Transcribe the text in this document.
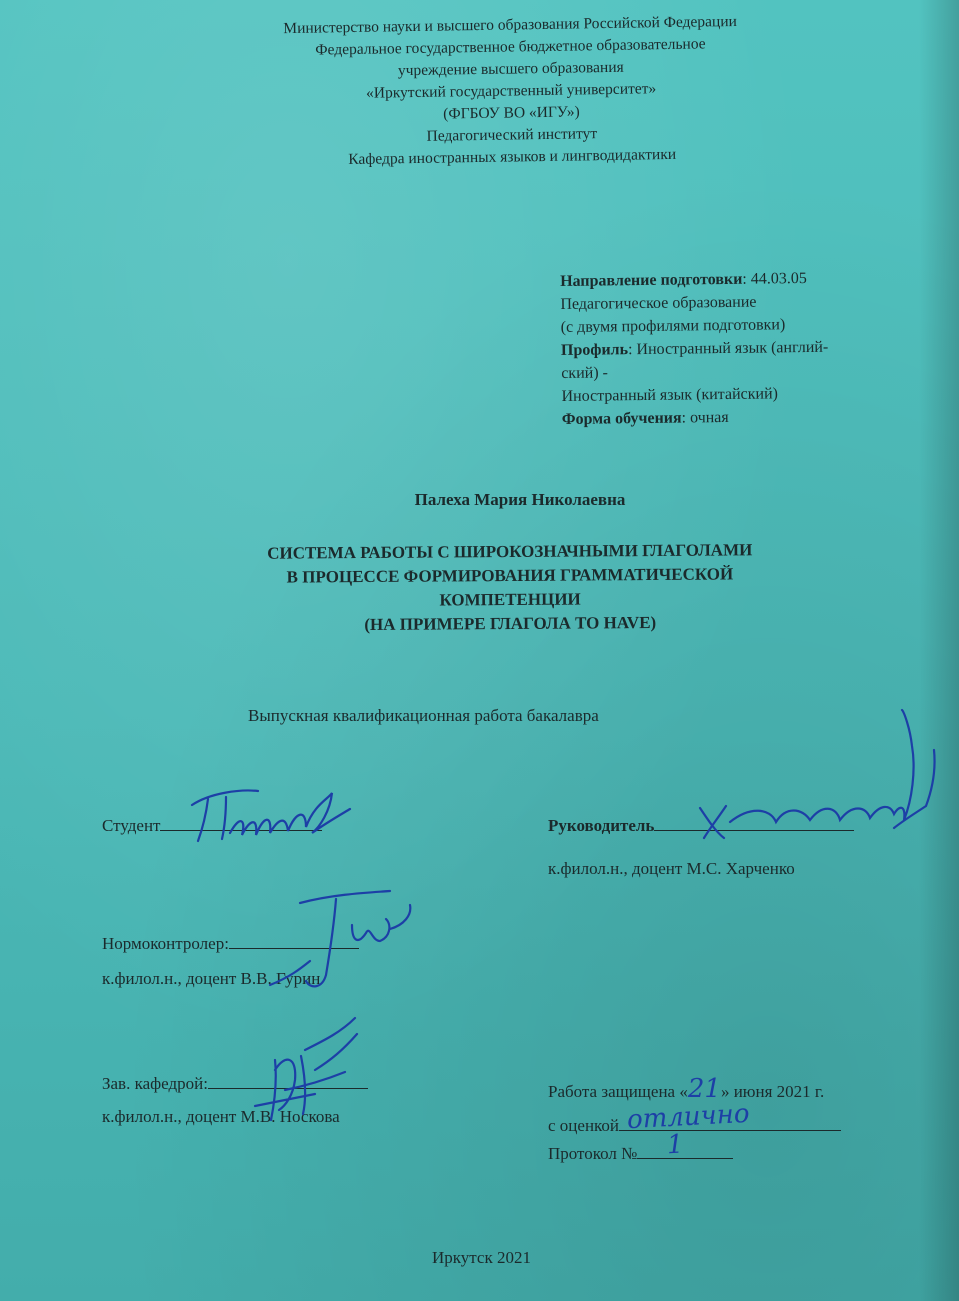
Министерство науки и высшего образования Российской Федерации
Федеральное государственное бюджетное образовательное
учреждение высшего образования
«Иркутский государственный университет»
(ФГБОУ ВО «ИГУ»)
Педагогический институт
Кафедра иностранных языков и лингводидактики
Направление подготовки: 44.03.05
Педагогическое образование
(с двумя профилями подготовки)
Профиль: Иностранный язык (англий-
ский) -
Иностранный язык (китайский)
Форма обучения: очная
Палеха Мария Николаевна
СИСТЕМА РАБОТЫ С ШИРОКОЗНАЧНЫМИ ГЛАГОЛАМИ
В ПРОЦЕССЕ ФОРМИРОВАНИЯ ГРАММАТИЧЕСКОЙ
КОМПЕТЕНЦИИ
(НА ПРИМЕРЕ ГЛАГОЛА TO HAVE)
Выпускная квалификационная работа бакалавра
Студент	Руководитель
к.филол.н., доцент М.С. Харченко
Нормоконтролер:
к.филол.н., доцент В.В. Гурин
Зав. кафедрой:
к.филол.н., доцент М.В. Носкова
Работа защищена «21» июня 2021 г.
с оценкой отлично
Протокол № 1
Иркутск 2021
